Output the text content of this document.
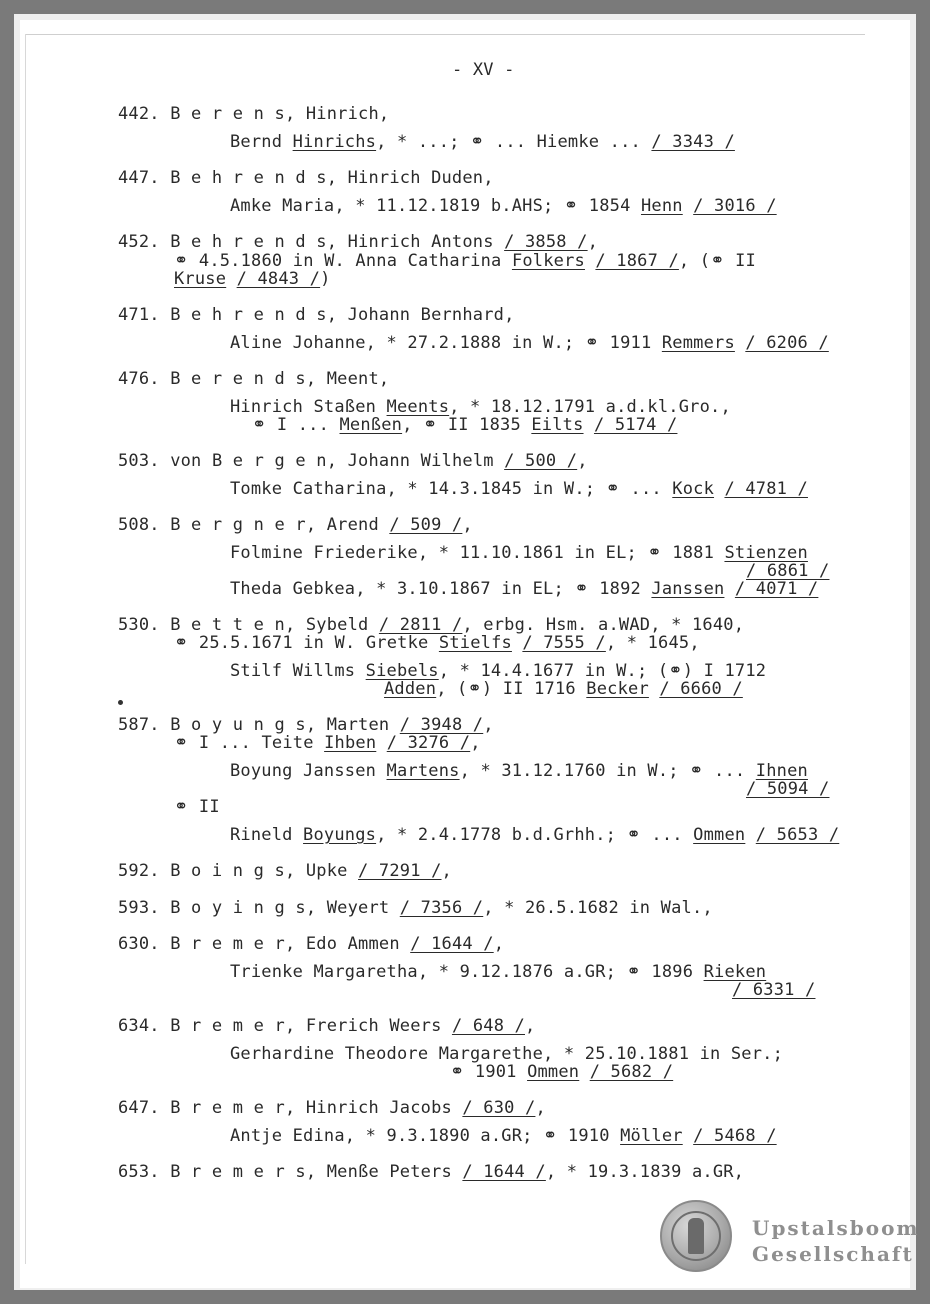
- XV -
442. B e r e n s, Hinrich,
Bernd Hinrichs, * ...; ⚭ ... Hiemke ... / 3343 /
447. B e h r e n d s, Hinrich Duden,
Amke Maria, * 11.12.1819 b.AHS; ⚭ 1854 Henn / 3016 /
452. B e h r e n d s, Hinrich Antons / 3858 /,
⚭ 4.5.1860 in W. Anna Catharina Folkers / 1867 /, (⚭ II
Kruse / 4843 /)
471. B e h r e n d s, Johann Bernhard,
Aline Johanne, * 27.2.1888 in W.; ⚭ 1911 Remmers / 6206 /
476. B e r e n d s, Meent,
Hinrich Staßen Meents, * 18.12.1791 a.d.kl.Gro.,
⚭ I ... Menßen, ⚭ II 1835 Eilts / 5174 /
503. von B e r g e n, Johann Wilhelm / 500 /,
Tomke Catharina, * 14.3.1845 in W.; ⚭ ... Kock / 4781 /
508. B e r g n e r, Arend / 509 /,
Folmine Friederike, * 11.10.1861 in EL; ⚭ 1881 Stienzen
/ 6861 /
Theda Gebkea, * 3.10.1867 in EL; ⚭ 1892 Janssen / 4071 /
530. B e t t e n, Sybeld / 2811 /, erbg. Hsm. a.WAD, * 1640,
⚭ 25.5.1671 in W. Gretke Stielfs / 7555 /, * 1645,
Stilf Willms Siebels, * 14.4.1677 in W.; (⚭) I 1712
Adden, (⚭) II 1716 Becker / 6660 /
587. B o y u n g s, Marten / 3948 /,
⚭ I ... Teite Ihben / 3276 /,
Boyung Janssen Martens, * 31.12.1760 in W.; ⚭ ... Ihnen
/ 5094 /
⚭ II
Rineld Boyungs, * 2.4.1778 b.d.Grhh.; ⚭ ... Ommen / 5653 /
592. B o i n g s, Upke / 7291 /,
593. B o y i n g s, Weyert / 7356 /, * 26.5.1682 in Wal.,
630. B r e m e r, Edo Ammen / 1644 /,
Trienke Margaretha, * 9.12.1876 a.GR; ⚭ 1896 Rieken
/ 6331 /
634. B r e m e r, Frerich Weers / 648 /,
Gerhardine Theodore Margarethe, * 25.10.1881 in Ser.;
⚭ 1901 Ommen / 5682 /
647. B r e m e r, Hinrich Jacobs / 630 /,
Antje Edina, * 9.3.1890 a.GR; ⚭ 1910 Möller / 5468 /
653. B r e m e r s, Menße Peters / 1644 /, * 19.3.1839 a.GR,
Upstalsboom
Gesellschaft
